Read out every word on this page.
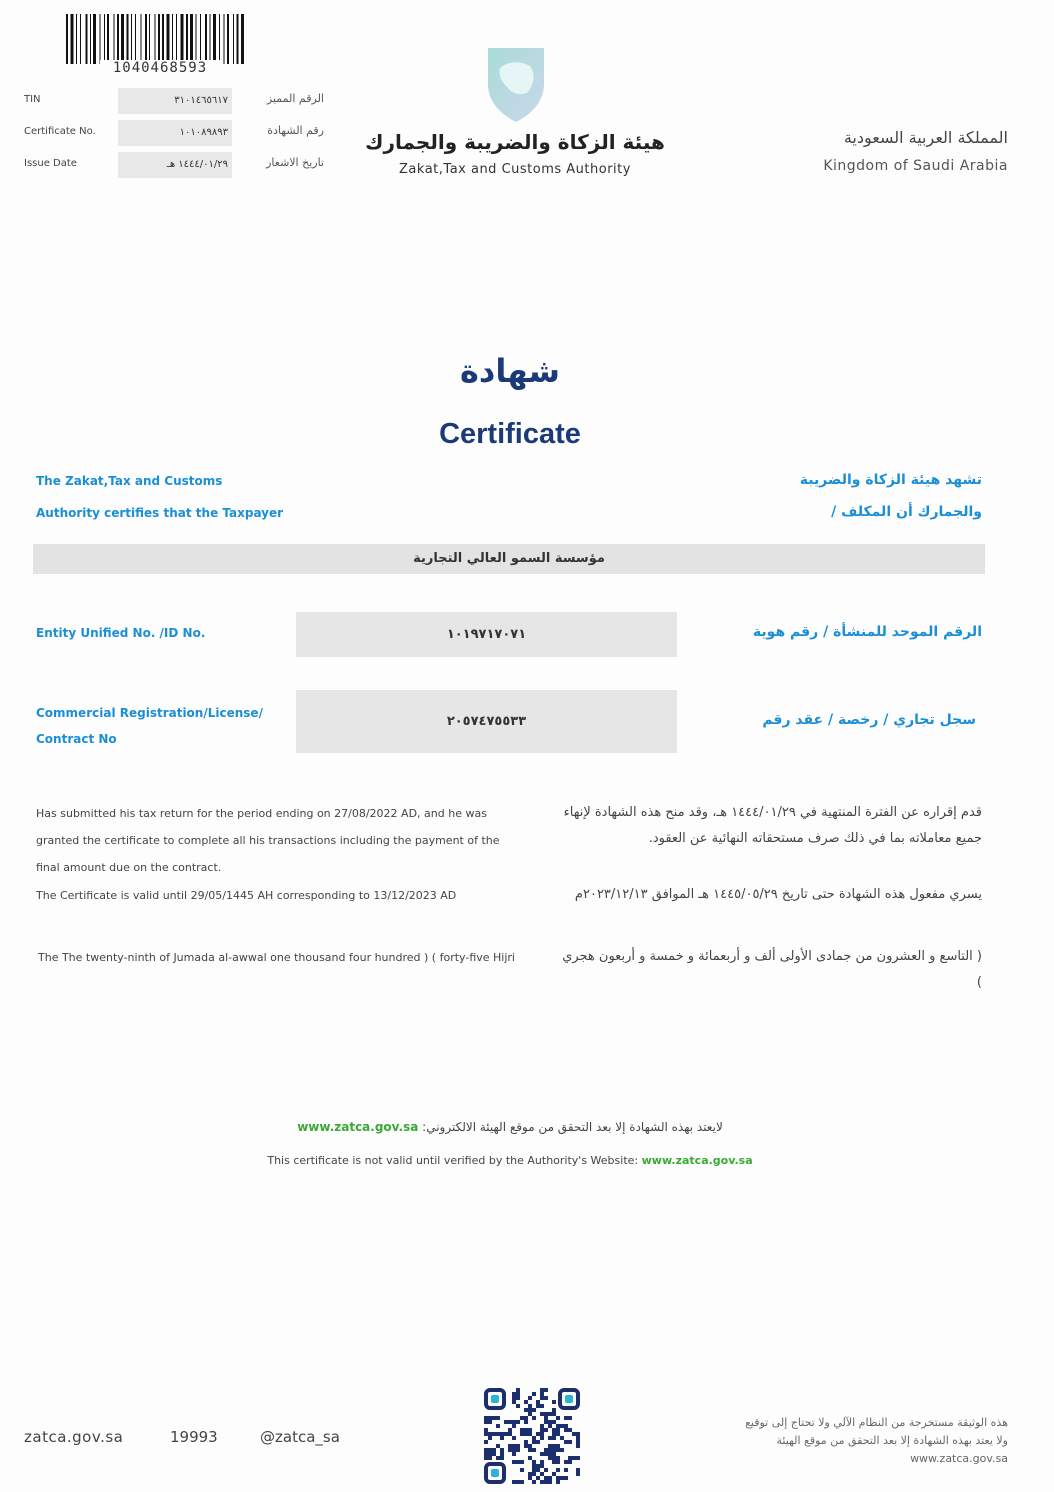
1040468593
TIN	٣١٠١٤٦٥٦١٧	الرقم المميز
Certificate No.	١٠١٠٨٩٨٩٣	رقم الشهادة
Issue Date	١٤٤٤/٠١/٢٩ هـ	تاريخ الاشعار
هيئة الزكاة والضريبة والجمارك
Zakat,Tax and Customs Authority
المملكة العربية السعودية
Kingdom of Saudi Arabia
شهادة
Certificate
The Zakat,Tax and Customs
Authority certifies that the Taxpayer
تشهد هيئة الزكاة والضريبة
والجمارك أن المكلف /
مؤسسة السمو العالي التجارية
Entity Unified No. /ID No.	١٠١٩٧١٧٠٧١	الرقم الموحد للمنشأة / رقم هوية
Commercial Registration/License/
Contract No
٢٠٥٧٤٧٥٥٣٣	سجل تجاري / رخصة / عقد رقم
Has submitted his tax return for the period ending on 27/08/2022 AD, and he was granted the certificate to complete all his transactions including the payment of the final amount due on the contract.
The Certificate is valid until 29/05/1445 AH corresponding to 13/12/2023 AD
The The twenty-ninth of Jumada al-awwal one thousand four hundred ) ( forty-five Hijri
قدم إقراره عن الفترة المنتهية في ١٤٤٤/٠١/٢٩ هـ، وقد منح هذه الشهادة لإنهاء جميع معاملاته بما في ذلك صرف مستحقاته النهائية عن العقود.
يسري مفعول هذه الشهادة حتى تاريخ ١٤٤٥/٠٥/٢٩ هـ الموافق ٢٠٢٣/١٢/١٣م
( التاسع و العشرون من جمادى الأولى ألف و أربعمائة و خمسة و أربعون هجري )
لايعتد بهذه الشهادة إلا بعد التحقق من موقع الهيئة الالكتروني: www.zatca.gov.sa
This certificate is not valid until verified by the Authority's Website: www.zatca.gov.sa
zatca.gov.sa	19993	@zatca_sa
هذه الوثيقة مستخرجة من النظام الآلي ولا تحتاج إلى توقيع
ولا يعتد بهذه الشهادة إلا بعد التحقق من موقع الهيئة
www.zatca.gov.sa
